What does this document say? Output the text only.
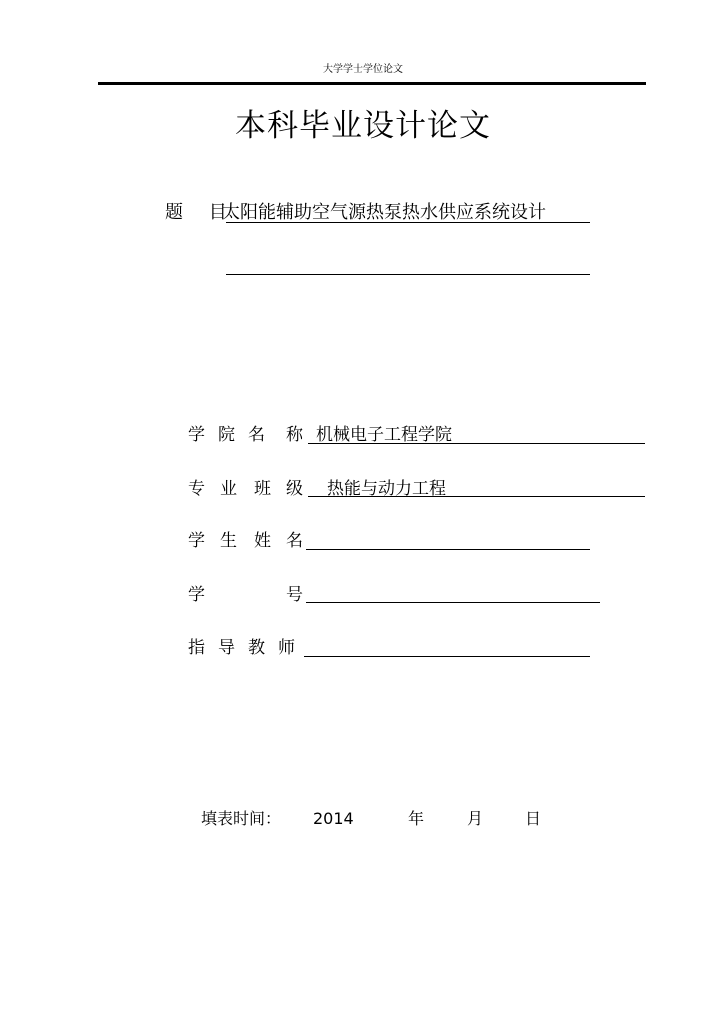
大学学士学位论文
本科毕业设计论文
题 目
太阳能辅助空气源热泵热水供应系统设计
学 院 名 称 机械电子工程学院
专 业 班 级 热能与动力工程
学 生 姓 名
学	号
指 导 教 师
填表时间： 2014	年	月	日
